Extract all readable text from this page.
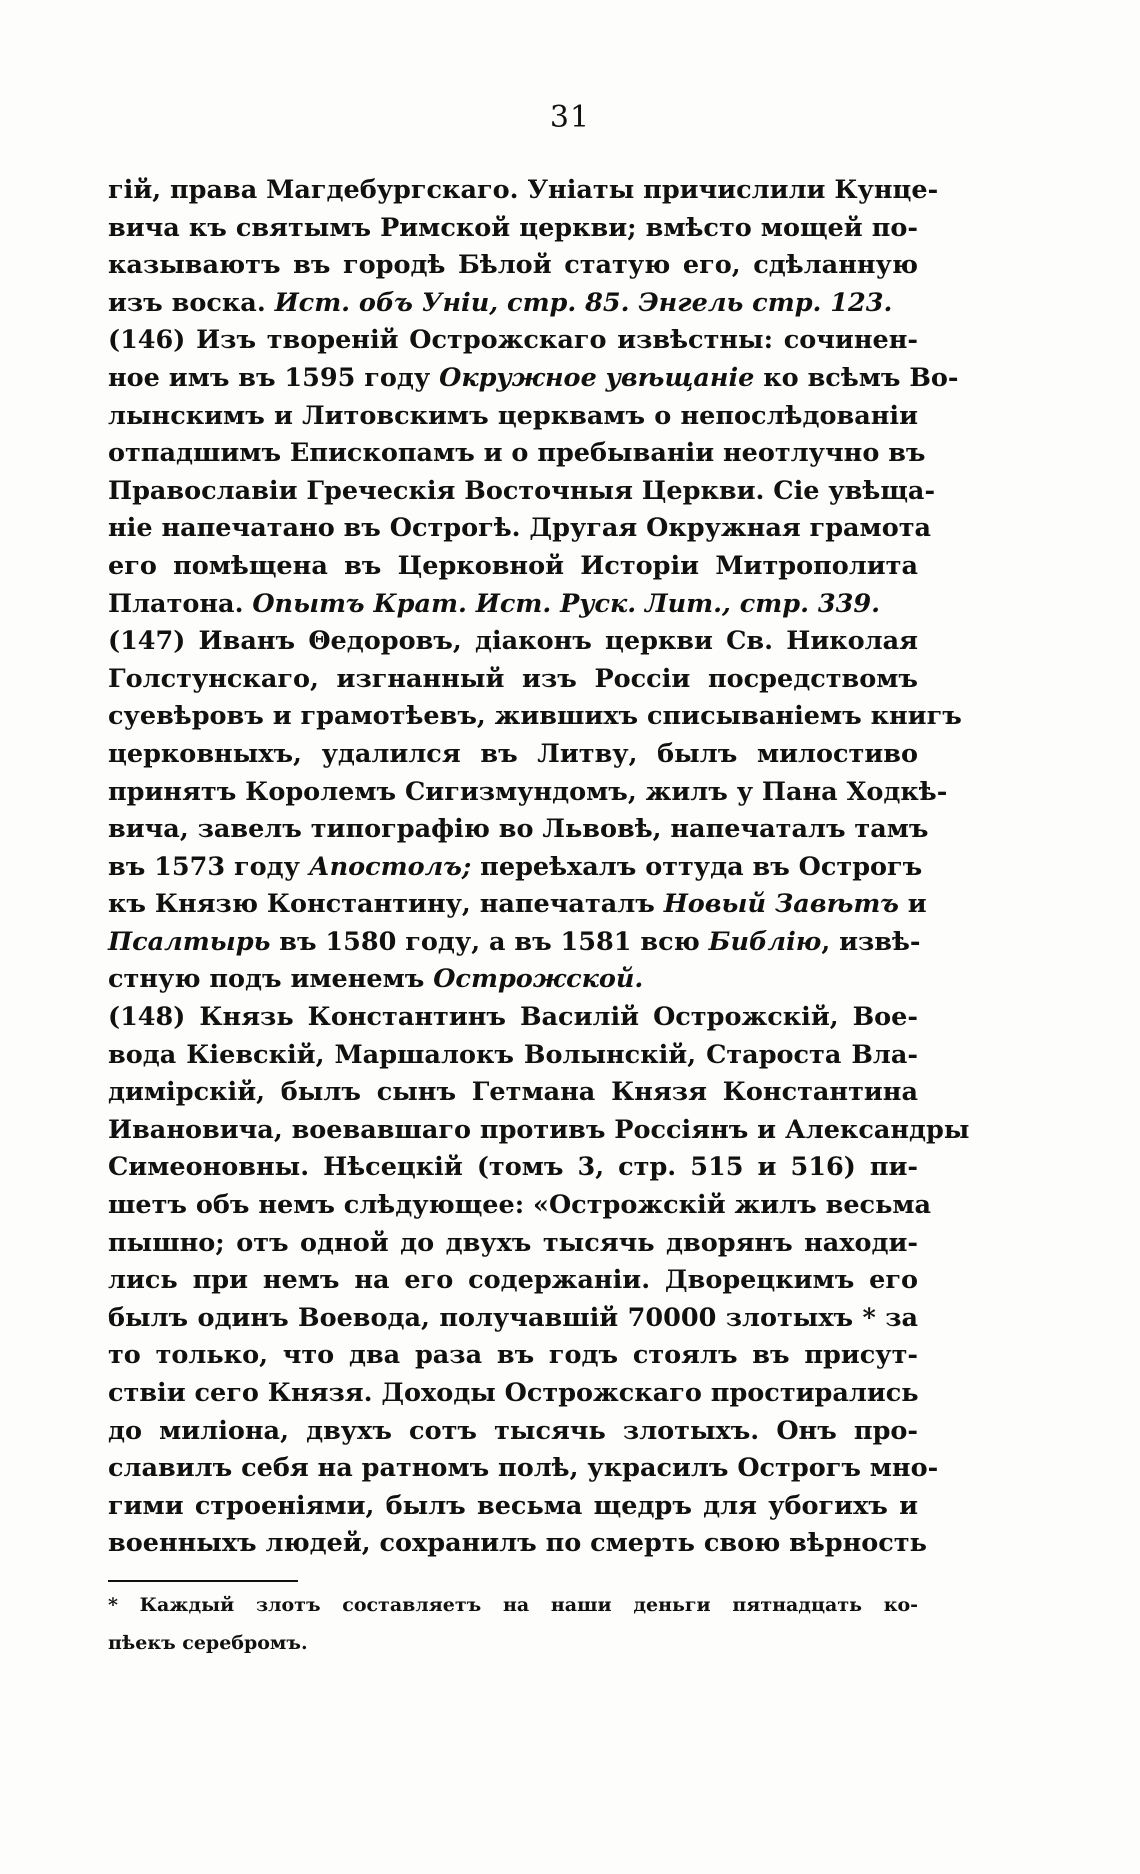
31
гій, права Магдебургскаго. Уніаты причислили Кунце-
вича къ святымъ Римской церкви; вмѣсто мощей по-
казываютъ въ городѣ Бѣлой статую его, сдѣланную
изъ воска. Ист. объ Уніи, стр. 85. Энгель стр. 123.
(146) Изъ твореній Острожскаго извѣстны: сочинен-
ное имъ въ 1595 году Окружное увѣщаніе ко всѣмъ Во-
лынскимъ и Литовскимъ церквамъ о непослѣдованіи
отпадшимъ Епископамъ и о пребываніи неотлучно въ
Православіи Греческія Восточныя Церкви. Сіе увѣща-
ніе напечатано въ Острогѣ. Другая Окружная грамота
его помѣщена въ Церковной Исторіи Митрополита
Платона. Опытъ Крат. Ист. Руск. Лит., стр. 339.
(147) Иванъ Θедоровъ, діаконъ церкви Св. Николая
Голстунскаго, изгнанный изъ Россіи посредствомъ
суевѣровъ и грамотѣевъ, жившихъ списываніемъ книгъ
церковныхъ, удалился въ Литву, былъ милостиво
принятъ Королемъ Сигизмундомъ, жилъ у Пана Ходкѣ-
вича, завелъ типографію во Львовѣ, напечаталъ тамъ
въ 1573 году Апостолъ; переѣхалъ оттуда въ Острогъ
къ Князю Константину, напечаталъ Новый Завѣтъ и
Псалтырь въ 1580 году, а въ 1581 всю Библію, извѣ-
стную подъ именемъ Острожской.
(148) Князь Константинъ Василій Острожскій, Вое-
вода Кіевскій, Маршалокъ Волынскій, Староста Вла-
димірскій, былъ сынъ Гетмана Князя Константина
Ивановича, воевавшаго противъ Россіянъ и Александры
Симеоновны. Нѣсецкій (томъ 3, стр. 515 и 516) пи-
шетъ объ немъ слѣдующее: «Острожскій жилъ весьма
пышно; отъ одной до двухъ тысячь дворянъ находи-
лись при немъ на его содержаніи. Дворецкимъ его
былъ одинъ Воевода, получавшій 70000 злотыхъ * за
то только, что два раза въ годъ стоялъ въ присут-
ствіи сего Князя. Доходы Острожскаго простирались
до миліона, двухъ сотъ тысячь злотыхъ. Онъ про-
славилъ себя на ратномъ полѣ, украсилъ Острогъ мно-
гими строеніями, былъ весьма щедръ для убогихъ и
военныхъ людей, сохранилъ по смерть свою вѣрность
* Каждый злотъ составляетъ на наши деньги пятнадцать ко-
пѣекъ серебромъ.
